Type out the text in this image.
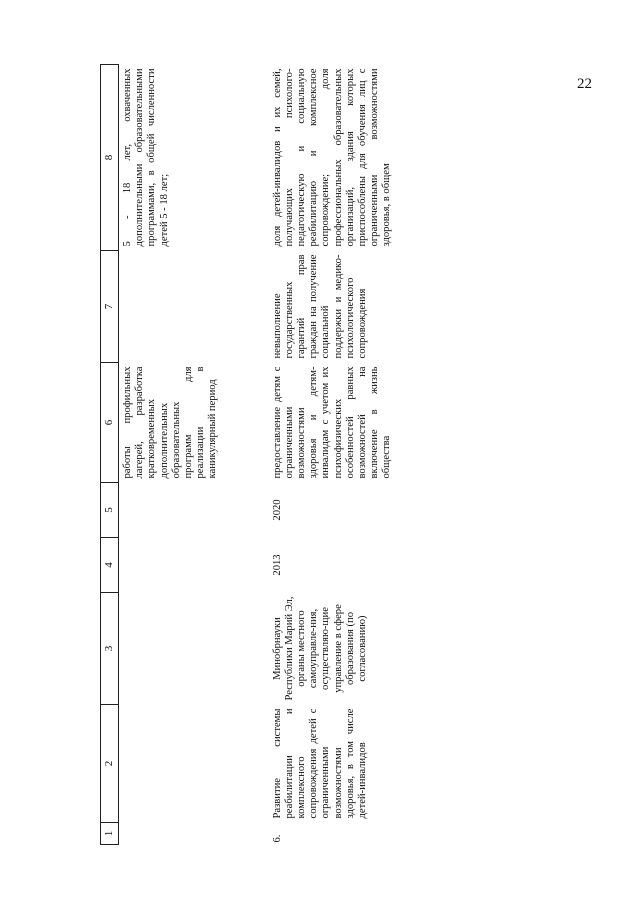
22
1	2	3	4	5	6	7	8
					работы профильных лагерей, разработка кратковременных дополнительных образовательных программ для реализации в каникулярный период		5 - 18 лет, охваченных дополнительными образовательными программами, в общей численности детей 5 - 18 лет;
6.	Развитие системы реабилитации и комплексного сопровождения детей с ограниченными возможностями здоровья, в том числе детей-инвалидов	Минобрнауки Республики Марий Эл, органы местного самоуправле-ния, осуществляю-щие управление в сфере образования (по согласованию)	2013	2020	предоставление детям с ограниченными возможностями здоровья и детям-инвалидам с учетом их психофизических особенностей равных возможностей на включение в жизнь общества	невыполнение государственных гарантий прав граждан на получение социальной поддержки и медико-психологического сопровождения	доля детей-инвалидов и их семей, получающих психолого-педагогическую и социальную реабилитацию и комплексное сопровождение; доля профессиональных образовательных организаций, здания которых приспособлены для обучения лиц с ограниченными возможностями здоровья, в общем
